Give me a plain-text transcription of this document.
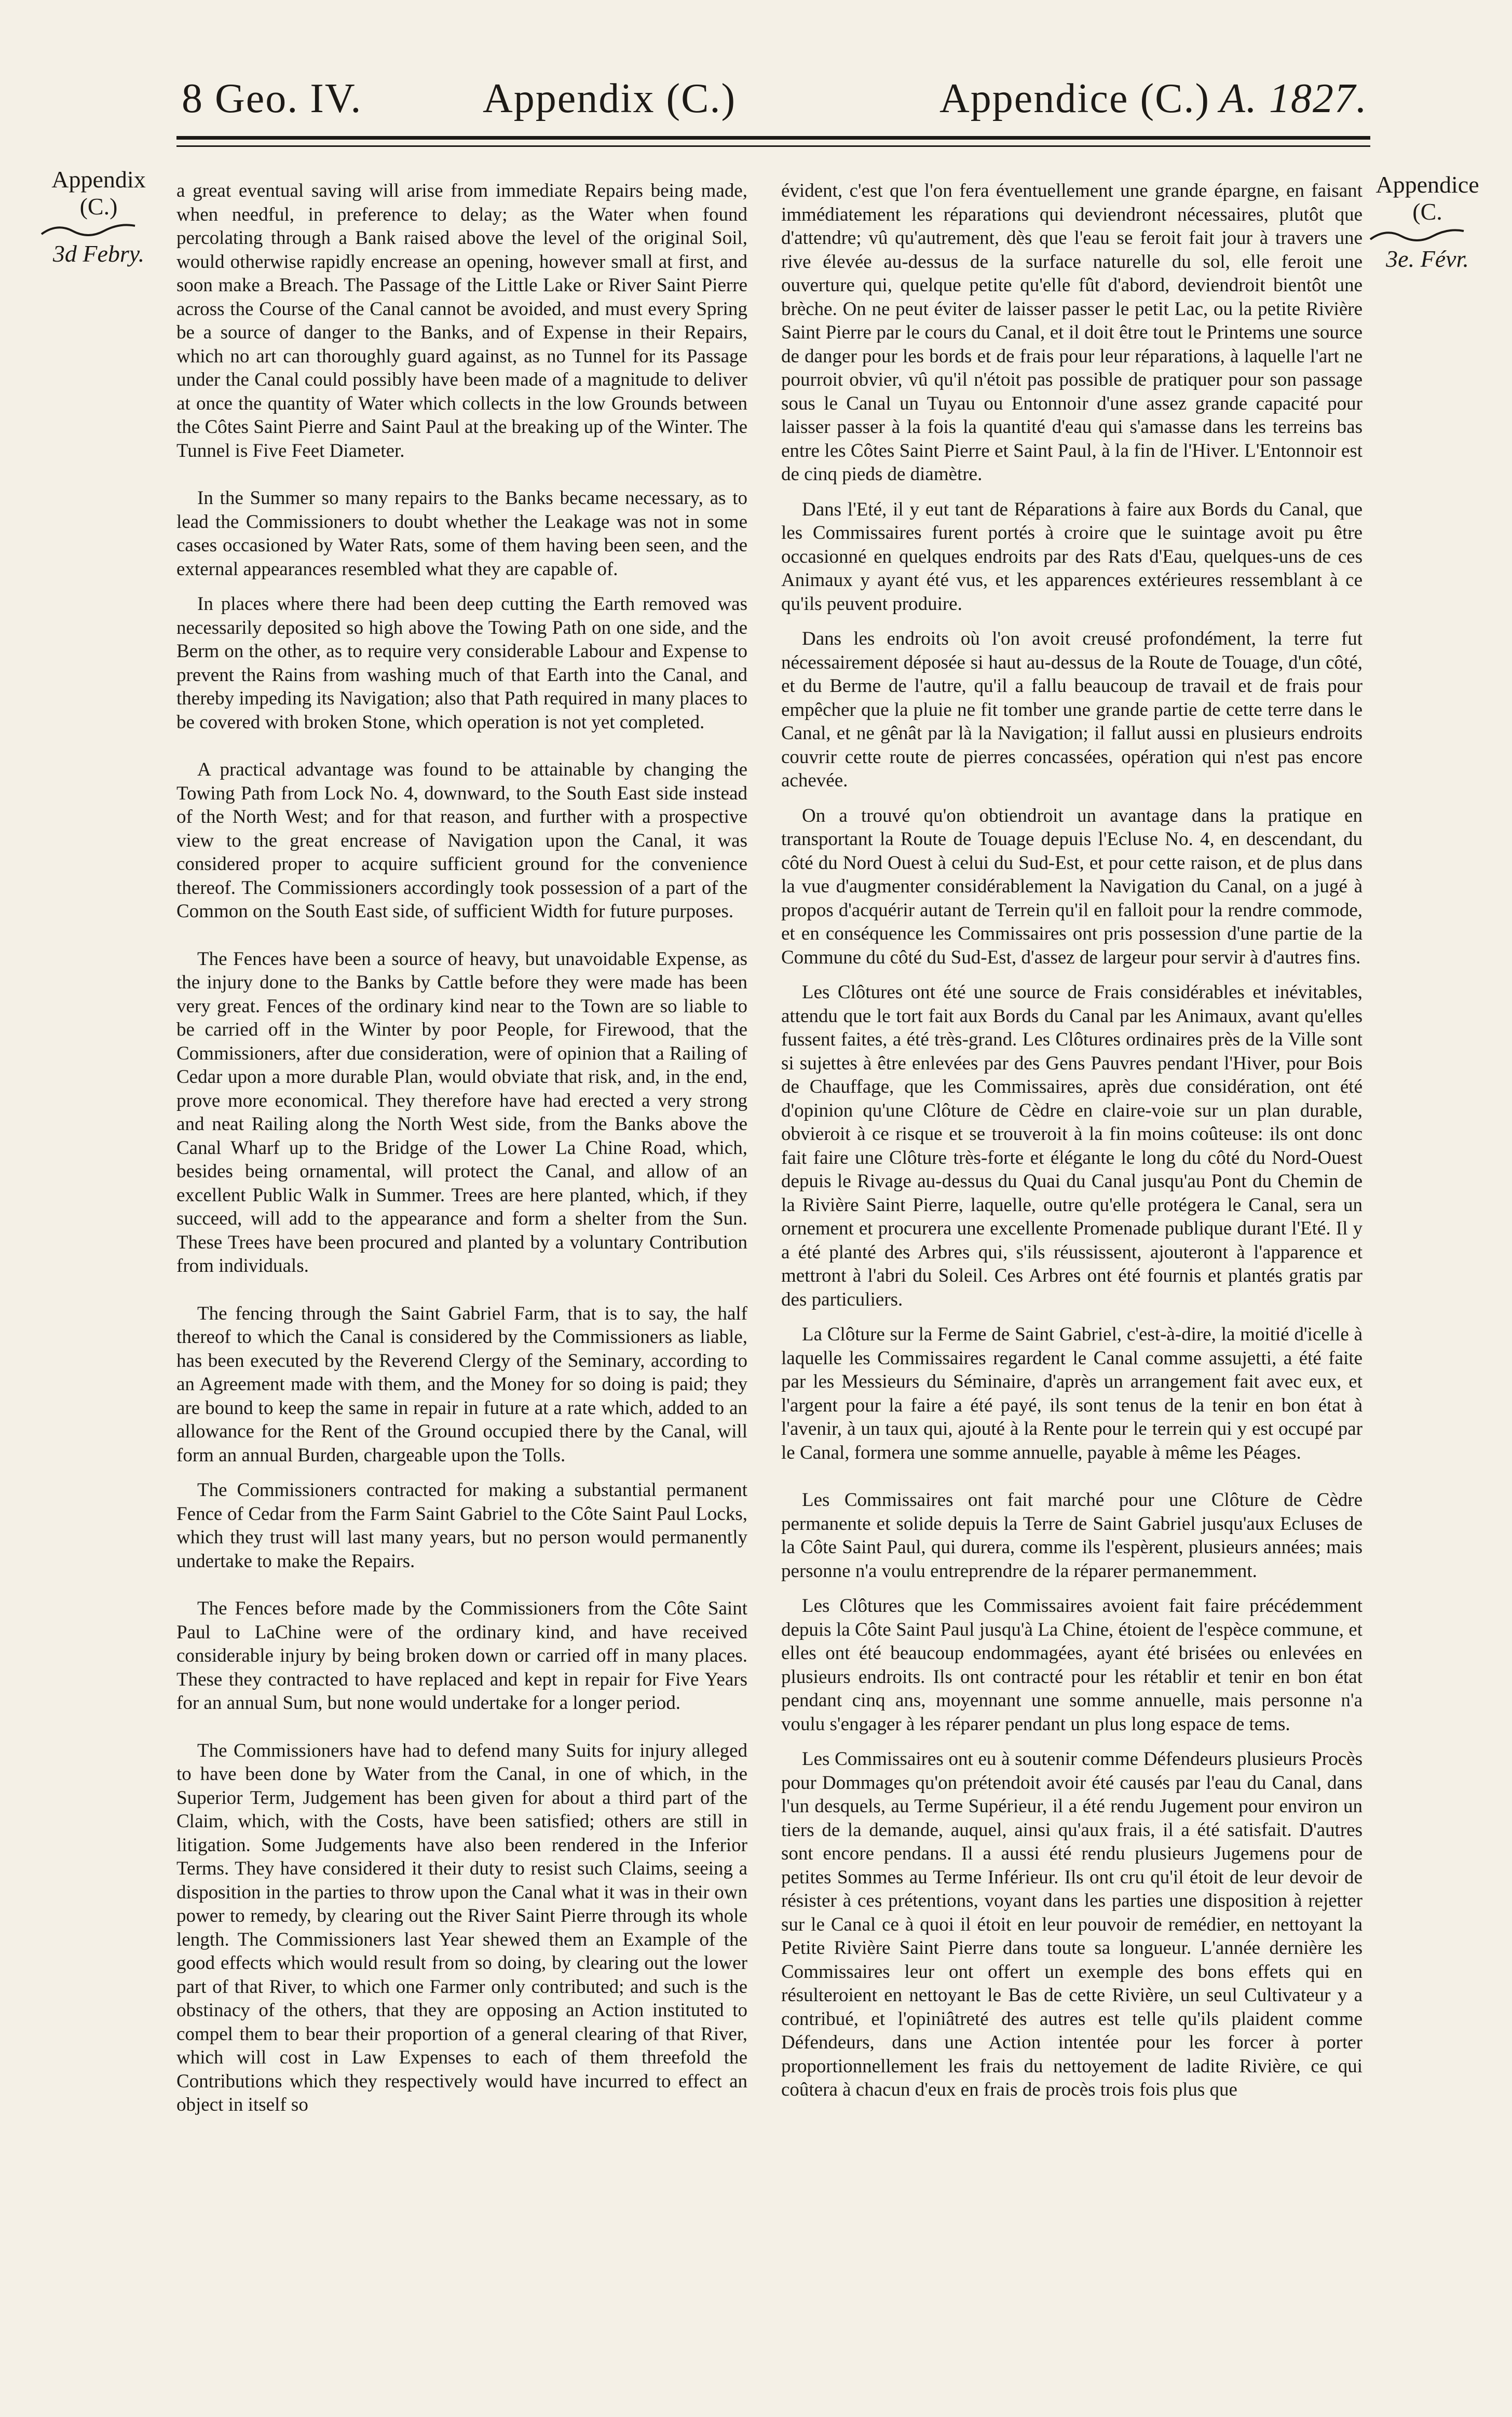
8 Geo. IV.	Appendix (C.)	Appendice (C.) A. 1827.
Appendix
(C.)
3d Febry.
Appendice
(C.
3e. Févr.

a great eventual saving will arise from immediate Repairs being made, when needful, in preference to delay; as the Water when found percolating through a Bank raised above the level of the original Soil, would otherwise rapidly encrease an opening, however small at first, and soon make a Breach. The Passage of the Little Lake or River Saint Pierre across the Course of the Canal cannot be avoided, and must every Spring be a source of danger to the Banks, and of Expense in their Repairs, which no art can thoroughly guard against, as no Tunnel for its Passage under the Canal could possibly have been made of a magnitude to deliver at once the quantity of Water which collects in the low Grounds between the Côtes Saint Pierre and Saint Paul at the breaking up of the Winter. The Tunnel is Five Feet Diameter.

In the Summer so many repairs to the Banks became necessary, as to lead the Commissioners to doubt whether the Leakage was not in some cases occasioned by Water Rats, some of them having been seen, and the external appearances resembled what they are capable of.

In places where there had been deep cutting the Earth removed was necessarily deposited so high above the Towing Path on one side, and the Berm on the other, as to require very considerable Labour and Expense to prevent the Rains from washing much of that Earth into the Canal, and thereby impeding its Navigation; also that Path required in many places to be covered with broken Stone, which operation is not yet completed.

A practical advantage was found to be attainable by changing the Towing Path from Lock No. 4, downward, to the South East side instead of the North West; and for that reason, and further with a prospective view to the great encrease of Navigation upon the Canal, it was considered proper to acquire sufficient ground for the convenience thereof. The Commissioners accordingly took possession of a part of the Common on the South East side, of sufficient Width for future purposes.

The Fences have been a source of heavy, but unavoidable Expense, as the injury done to the Banks by Cattle before they were made has been very great. Fences of the ordinary kind near to the Town are so liable to be carried off in the Winter by poor People, for Firewood, that the Commissioners, after due consideration, were of opinion that a Railing of Cedar upon a more durable Plan, would obviate that risk, and, in the end, prove more economical. They therefore have had erected a very strong and neat Railing along the North West side, from the Banks above the Canal Wharf up to the Bridge of the Lower La Chine Road, which, besides being ornamental, will protect the Canal, and allow of an excellent Public Walk in Summer. Trees are here planted, which, if they succeed, will add to the appearance and form a shelter from the Sun. These Trees have been procured and planted by a voluntary Contribution from individuals.

The fencing through the Saint Gabriel Farm, that is to say, the half thereof to which the Canal is considered by the Commissioners as liable, has been executed by the Reverend Clergy of the Seminary, according to an Agreement made with them, and the Money for so doing is paid; they are bound to keep the same in repair in future at a rate which, added to an allowance for the Rent of the Ground occupied there by the Canal, will form an annual Burden, chargeable upon the Tolls.

The Commissioners contracted for making a substantial permanent Fence of Cedar from the Farm Saint Gabriel to the Côte Saint Paul Locks, which they trust will last many years, but no person would permanently undertake to make the Repairs.

The Fences before made by the Commissioners from the Côte Saint Paul to LaChine were of the ordinary kind, and have received considerable injury by being broken down or carried off in many places. These they contracted to have replaced and kept in repair for Five Years for an annual Sum, but none would undertake for a longer period.

The Commissioners have had to defend many Suits for injury alleged to have been done by Water from the Canal, in one of which, in the Superior Term, Judgement has been given for about a third part of the Claim, which, with the Costs, have been satisfied; others are still in litigation. Some Judgements have also been rendered in the Inferior Terms. They have considered it their duty to resist such Claims, seeing a disposition in the parties to throw upon the Canal what it was in their own power to remedy, by clearing out the River Saint Pierre through its whole length. The Commissioners last Year shewed them an Example of the good effects which would result from so doing, by clearing out the lower part of that River, to which one Farmer only contributed; and such is the obstinacy of the others, that they are opposing an Action instituted to compel them to bear their proportion of a general clearing of that River, which will cost in Law Expenses to each of them threefold the Contributions which they respectively would have incurred to effect an object in itself so

évident, c'est que l'on fera éventuellement une grande épargne, en faisant immédiatement les réparations qui deviendront nécessaires, plutôt que d'attendre; vû qu'autrement, dès que l'eau se feroit fait jour à travers une rive élevée au-dessus de la surface naturelle du sol, elle feroit une ouverture qui, quelque petite qu'elle fût d'abord, deviendroit bientôt une brèche. On ne peut éviter de laisser passer le petit Lac, ou la petite Rivière Saint Pierre par le cours du Canal, et il doit être tout le Printems une source de danger pour les bords et de frais pour leur réparations, à laquelle l'art ne pourroit obvier, vû qu'il n'étoit pas possible de pratiquer pour son passage sous le Canal un Tuyau ou Entonnoir d'une assez grande capacité pour laisser passer à la fois la quantité d'eau qui s'amasse dans les terreins bas entre les Côtes Saint Pierre et Saint Paul, à la fin de l'Hiver. L'Entonnoir est de cinq pieds de diamètre.

Dans l'Eté, il y eut tant de Réparations à faire aux Bords du Canal, que les Commissaires furent portés à croire que le suintage avoit pu être occasionné en quelques endroits par des Rats d'Eau, quelques-uns de ces Animaux y ayant été vus, et les apparences extérieures ressemblant à ce qu'ils peuvent produire.

Dans les endroits où l'on avoit creusé profondément, la terre fut nécessairement déposée si haut au-dessus de la Route de Touage, d'un côté, et du Berme de l'autre, qu'il a fallu beaucoup de travail et de frais pour empêcher que la pluie ne fit tomber une grande partie de cette terre dans le Canal, et ne gênât par là la Navigation; il fallut aussi en plusieurs endroits couvrir cette route de pierres concassées, opération qui n'est pas encore achevée.

On a trouvé qu'on obtiendroit un avantage dans la pratique en transportant la Route de Touage depuis l'Ecluse No. 4, en descendant, du côté du Nord Ouest à celui du Sud-Est, et pour cette raison, et de plus dans la vue d'augmenter considérablement la Navigation du Canal, on a jugé à propos d'acquérir autant de Terrein qu'il en falloit pour la rendre commode, et en conséquence les Commissaires ont pris possession d'une partie de la Commune du côté du Sud-Est, d'assez de largeur pour servir à d'autres fins.

Les Clôtures ont été une source de Frais considérables et inévitables, attendu que le tort fait aux Bords du Canal par les Animaux, avant qu'elles fussent faites, a été très-grand. Les Clôtures ordinaires près de la Ville sont si sujettes à être enlevées par des Gens Pauvres pendant l'Hiver, pour Bois de Chauffage, que les Commissaires, après due considération, ont été d'opinion qu'une Clôture de Cèdre en claire-voie sur un plan durable, obvieroit à ce risque et se trouveroit à la fin moins coûteuse: ils ont donc fait faire une Clôture très-forte et élégante le long du côté du Nord-Ouest depuis le Rivage au-dessus du Quai du Canal jusqu'au Pont du Chemin de la Rivière Saint Pierre, laquelle, outre qu'elle protégera le Canal, sera un ornement et procurera une excellente Promenade publique durant l'Eté. Il y a été planté des Arbres qui, s'ils réussissent, ajouteront à l'apparence et mettront à l'abri du Soleil. Ces Arbres ont été fournis et plantés gratis par des particuliers.

La Clôture sur la Ferme de Saint Gabriel, c'est-à-dire, la moitié d'icelle à laquelle les Commissaires regardent le Canal comme assujetti, a été faite par les Messieurs du Séminaire, d'après un arrangement fait avec eux, et l'argent pour la faire a été payé, ils sont tenus de la tenir en bon état à l'avenir, à un taux qui, ajouté à la Rente pour le terrein qui y est occupé par le Canal, formera une somme annuelle, payable à même les Péages.

Les Commissaires ont fait marché pour une Clôture de Cèdre permanente et solide depuis la Terre de Saint Gabriel jusqu'aux Ecluses de la Côte Saint Paul, qui durera, comme ils l'espèrent, plusieurs années; mais personne n'a voulu entreprendre de la réparer permanemment.

Les Clôtures que les Commissaires avoient fait faire précédemment depuis la Côte Saint Paul jusqu'à La Chine, étoient de l'espèce commune, et elles ont été beaucoup endommagées, ayant été brisées ou enlevées en plusieurs endroits. Ils ont contracté pour les rétablir et tenir en bon état pendant cinq ans, moyennant une somme annuelle, mais personne n'a voulu s'engager à les réparer pendant un plus long espace de tems.

Les Commissaires ont eu à soutenir comme Défendeurs plusieurs Procès pour Dommages qu'on prétendoit avoir été causés par l'eau du Canal, dans l'un desquels, au Terme Supérieur, il a été rendu Jugement pour environ un tiers de la demande, auquel, ainsi qu'aux frais, il a été satisfait. D'autres sont encore pendans. Il a aussi été rendu plusieurs Jugemens pour de petites Sommes au Terme Inférieur. Ils ont cru qu'il étoit de leur devoir de résister à ces prétentions, voyant dans les parties une disposition à rejetter sur le Canal ce à quoi il étoit en leur pouvoir de remédier, en nettoyant la Petite Rivière Saint Pierre dans toute sa longueur. L'année dernière les Commissaires leur ont offert un exemple des bons effets qui en résulteroient en nettoyant le Bas de cette Rivière, un seul Cultivateur y a contribué, et l'opiniâtreté des autres est telle qu'ils plaident comme Défendeurs, dans une Action intentée pour les forcer à porter proportionnellement les frais du nettoyement de ladite Rivière, ce qui coûtera à chacun d'eux en frais de procès trois fois plus que
